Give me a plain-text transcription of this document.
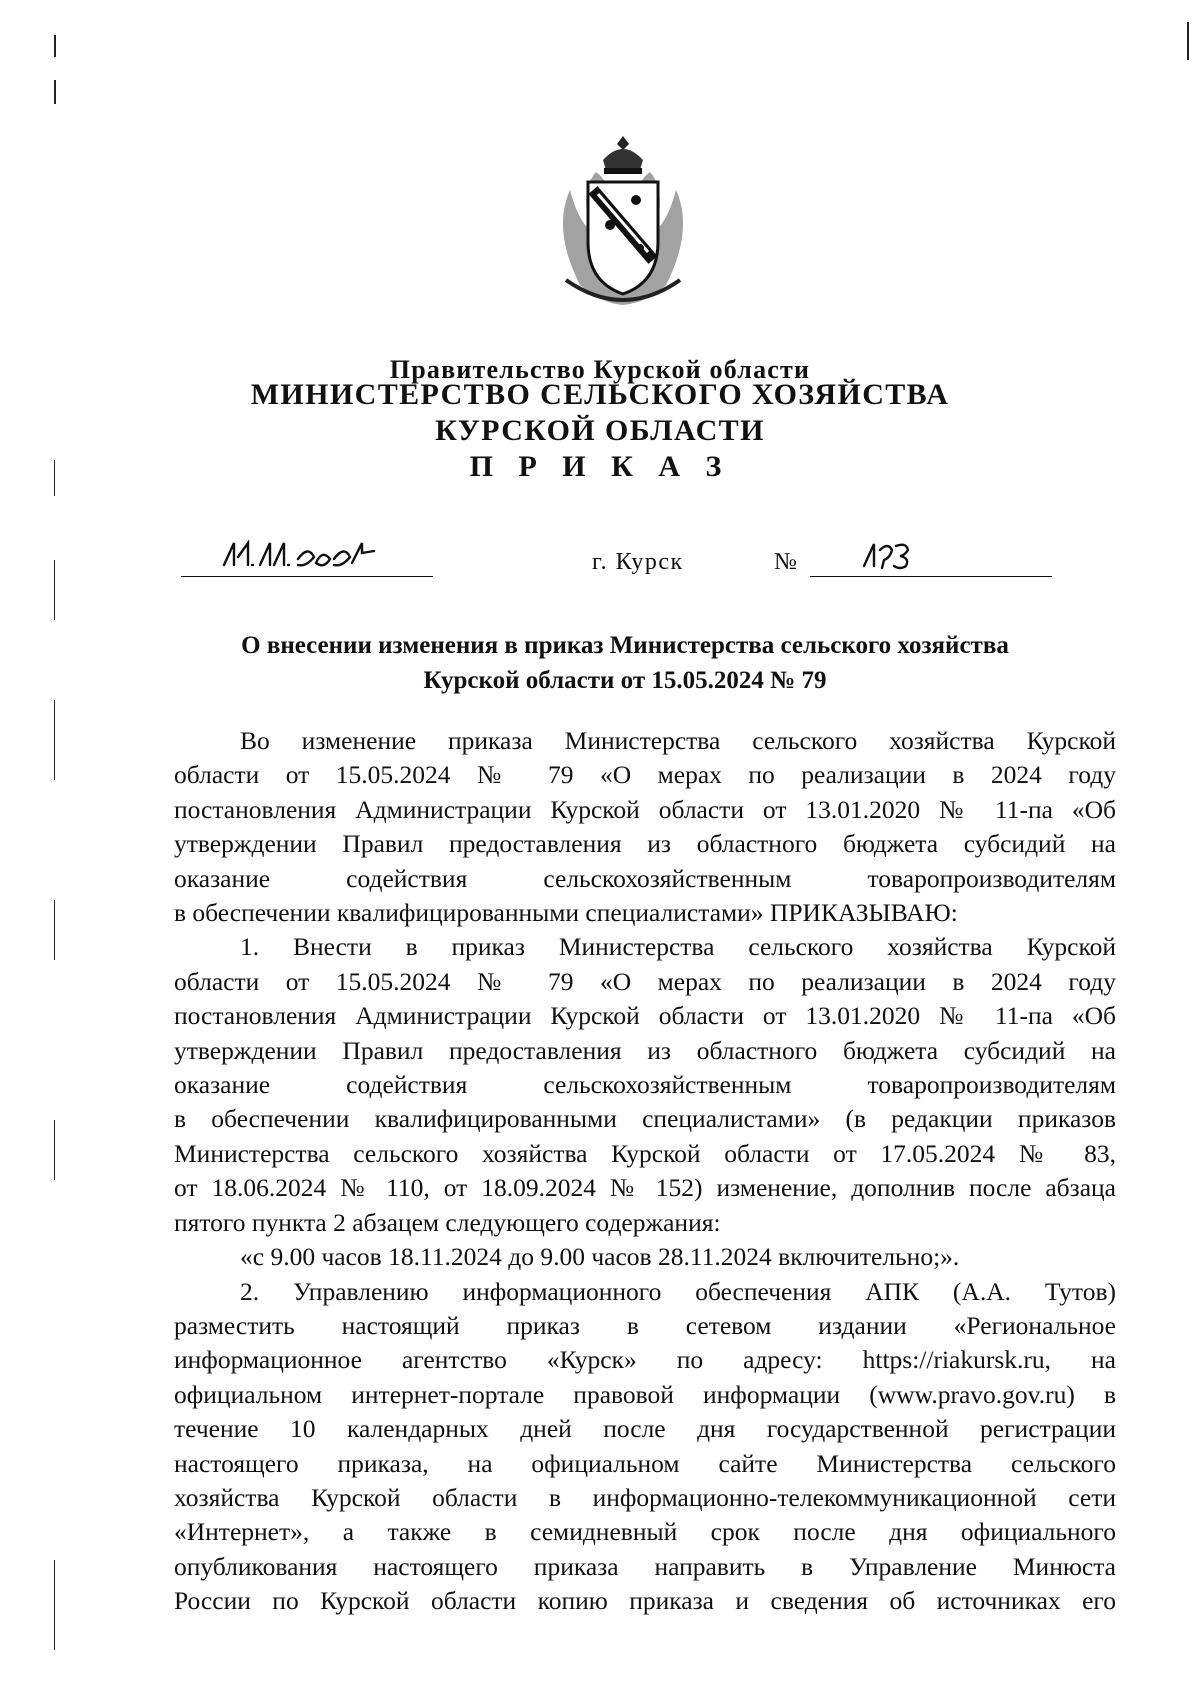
Правительство Курской области
МИНИСТЕРСТВО СЕЛЬСКОГО ХОЗЯЙСТВА
КУРСКОЙ ОБЛАСТИ
П Р И К А З
г. Курск	№
О внесении изменения в приказ Министерства сельского хозяйства
Курской области от 15.05.2024 № 79
Во изменение приказа Министерства сельского хозяйства Курской
области от 15.05.2024 № 79 «О мерах по реализации в 2024 году
постановления Администрации Курской области от 13.01.2020 № 11-па «Об
утверждении Правил предоставления из областного бюджета субсидий на
оказание содействия сельскохозяйственным товаропроизводителям
в обеспечении квалифицированными специалистами» ПРИКАЗЫВАЮ:
1. Внести в приказ Министерства сельского хозяйства Курской
области от 15.05.2024 № 79 «О мерах по реализации в 2024 году
постановления Администрации Курской области от 13.01.2020 № 11-па «Об
утверждении Правил предоставления из областного бюджета субсидий на
оказание содействия сельскохозяйственным товаропроизводителям
в обеспечении квалифицированными специалистами» (в редакции приказов
Министерства сельского хозяйства Курской области от 17.05.2024 № 83,
от 18.06.2024 № 110, от 18.09.2024 № 152) изменение, дополнив после абзаца
пятого пункта 2 абзацем следующего содержания:
«с 9.00 часов 18.11.2024 до 9.00 часов 28.11.2024 включительно;».
2. Управлению информационного обеспечения АПК (А.А. Тутов)
разместить настоящий приказ в сетевом издании «Региональное
информационное агентство «Курск» по адресу: https://riakursk.ru, на
официальном интернет-портале правовой информации (www.pravo.gov.ru) в
течение 10 календарных дней после дня государственной регистрации
настоящего приказа, на официальном сайте Министерства сельского
хозяйства Курской области в информационно-телекоммуникационной сети
«Интернет», а также в семидневный срок после дня официального
опубликования настоящего приказа направить в Управление Минюста
России по Курской области копию приказа и сведения об источниках его
